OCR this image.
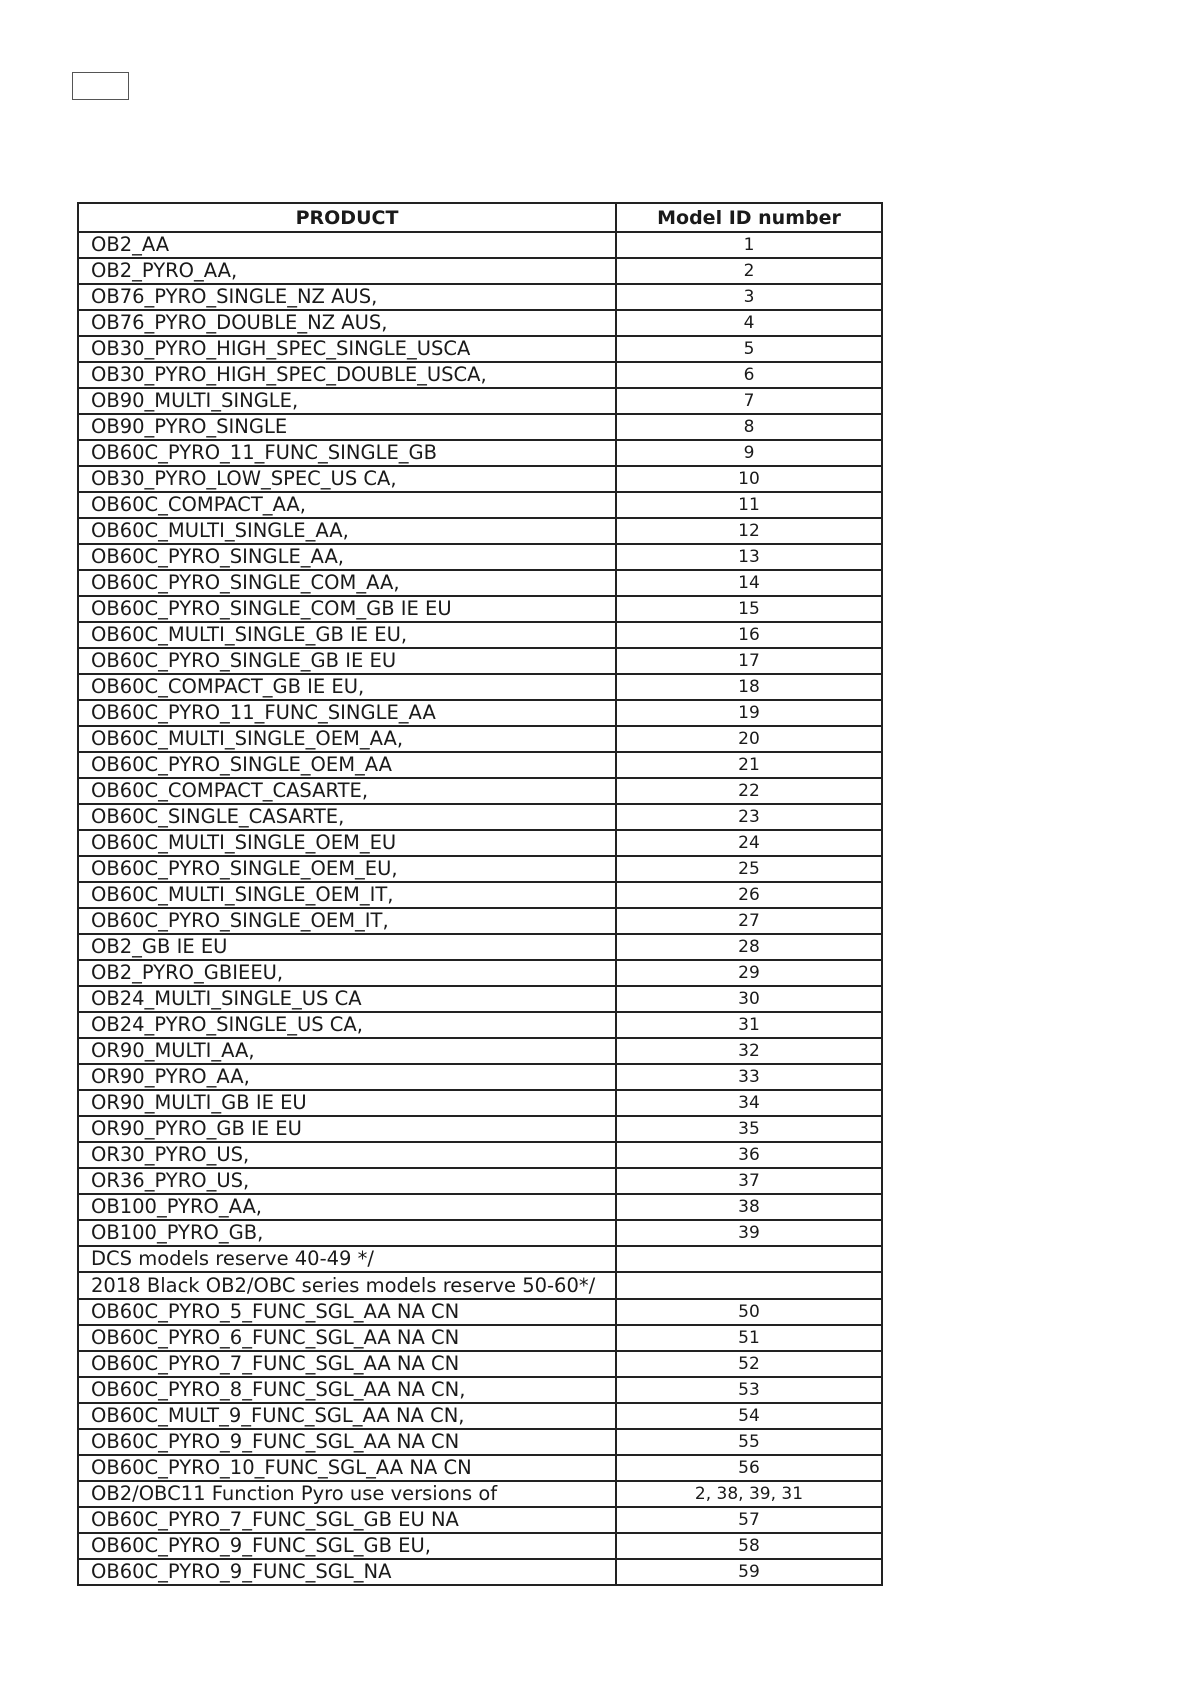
PRODUCT	Model ID number
OB2_AA	1
OB2_PYRO_AA,	2
OB76_PYRO_SINGLE_NZ AUS,	3
OB76_PYRO_DOUBLE_NZ AUS,	4
OB30_PYRO_HIGH_SPEC_SINGLE_USCA	5
OB30_PYRO_HIGH_SPEC_DOUBLE_USCA,	6
OB90_MULTI_SINGLE,	7
OB90_PYRO_SINGLE	8
OB60C_PYRO_11_FUNC_SINGLE_GB	9
OB30_PYRO_LOW_SPEC_US CA,	10
OB60C_COMPACT_AA,	11
OB60C_MULTI_SINGLE_AA,	12
OB60C_PYRO_SINGLE_AA,	13
OB60C_PYRO_SINGLE_COM_AA,	14
OB60C_PYRO_SINGLE_COM_GB IE EU	15
OB60C_MULTI_SINGLE_GB IE EU,	16
OB60C_PYRO_SINGLE_GB IE EU	17
OB60C_COMPACT_GB IE EU,	18
OB60C_PYRO_11_FUNC_SINGLE_AA	19
OB60C_MULTI_SINGLE_OEM_AA,	20
OB60C_PYRO_SINGLE_OEM_AA	21
OB60C_COMPACT_CASARTE,	22
OB60C_SINGLE_CASARTE,	23
OB60C_MULTI_SINGLE_OEM_EU	24
OB60C_PYRO_SINGLE_OEM_EU,	25
OB60C_MULTI_SINGLE_OEM_IT,	26
OB60C_PYRO_SINGLE_OEM_IT,	27
OB2_GB IE EU	28
OB2_PYRO_GBIEEU,	29
OB24_MULTI_SINGLE_US CA	30
OB24_PYRO_SINGLE_US CA,	31
OR90_MULTI_AA,	32
OR90_PYRO_AA,	33
OR90_MULTI_GB IE EU	34
OR90_PYRO_GB IE EU	35
OR30_PYRO_US,	36
OR36_PYRO_US,	37
OB100_PYRO_AA,	38
OB100_PYRO_GB,	39
DCS models reserve 40-49 */	
2018 Black OB2/OBC series models reserve 50-60*/	
OB60C_PYRO_5_FUNC_SGL_AA NA CN	50
OB60C_PYRO_6_FUNC_SGL_AA NA CN	51
OB60C_PYRO_7_FUNC_SGL_AA NA CN	52
OB60C_PYRO_8_FUNC_SGL_AA NA CN,	53
OB60C_MULT_9_FUNC_SGL_AA NA CN,	54
OB60C_PYRO_9_FUNC_SGL_AA NA CN	55
OB60C_PYRO_10_FUNC_SGL_AA NA CN	56
OB2/OBC11 Function Pyro use versions of	2, 38, 39, 31
OB60C_PYRO_7_FUNC_SGL_GB EU NA	57
OB60C_PYRO_9_FUNC_SGL_GB EU,	58
OB60C_PYRO_9_FUNC_SGL_NA	59
